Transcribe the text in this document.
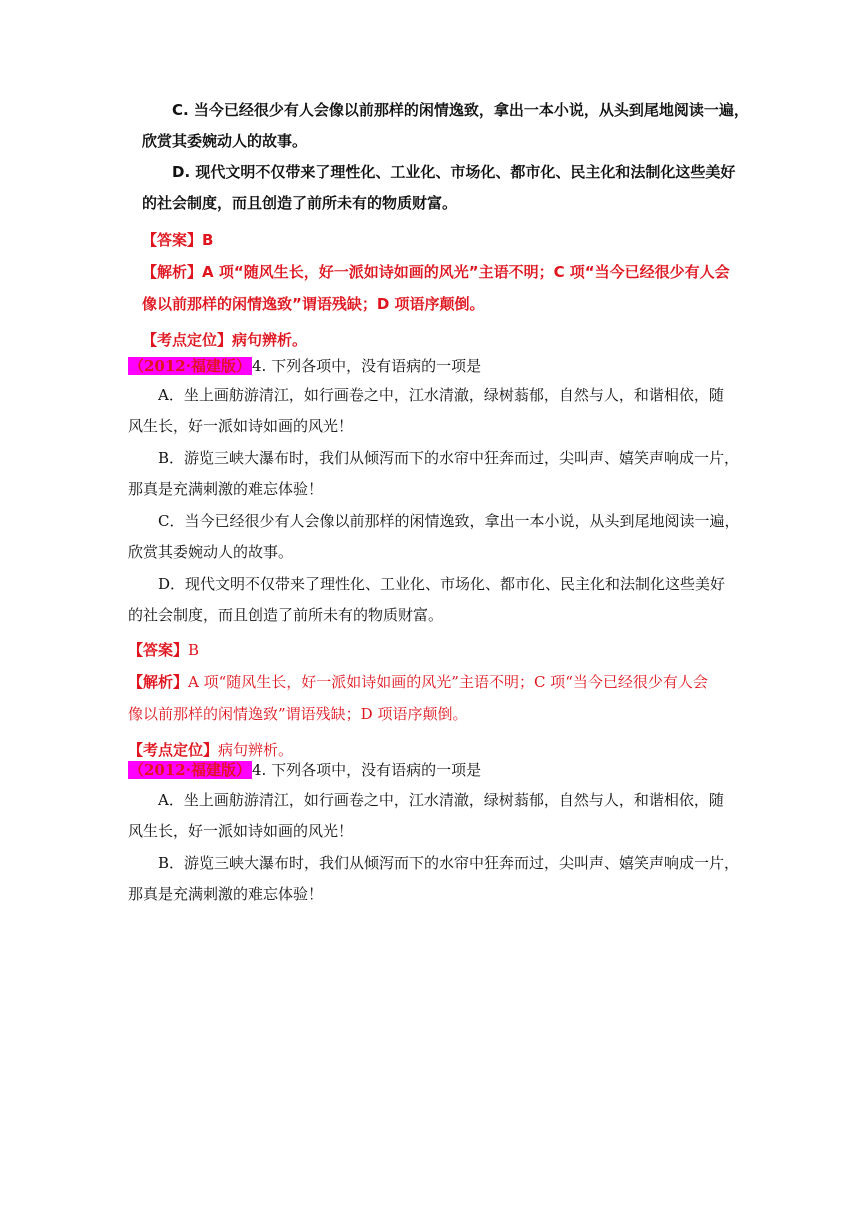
C. 当今已经很少有人会像以前那样的闲情逸致，拿出一本小说，从头到尾地阅读一遍，
欣赏其委婉动人的故事。
D. 现代文明不仅带来了理性化、工业化、市场化、都市化、民主化和法制化这些美好
的社会制度，而且创造了前所未有的物质财富。
【答案】B
【解析】A 项“随风生长，好一派如诗如画的风光”主语不明；C 项“当今已经很少有人会
像以前那样的闲情逸致”谓语残缺；D 项语序颠倒。
【考点定位】病句辨析。
（2012·福建版）4. 下列各项中，没有语病的一项是
A．坐上画舫游清江，如行画卷之中，江水清澈，绿树蓊郁，自然与人，和谐相依，随
风生长，好一派如诗如画的风光！
B．游览三峡大瀑布时，我们从倾泻而下的水帘中狂奔而过，尖叫声、嬉笑声响成一片，
那真是充满刺激的难忘体验！
C．当今已经很少有人会像以前那样的闲情逸致，拿出一本小说，从头到尾地阅读一遍，
欣赏其委婉动人的故事。
D．现代文明不仅带来了理性化、工业化、市场化、都市化、民主化和法制化这些美好
的社会制度，而且创造了前所未有的物质财富。
【答案】B
【解析】A 项“随风生长，好一派如诗如画的风光”主语不明；C 项“当今已经很少有人会
像以前那样的闲情逸致”谓语残缺；D 项语序颠倒。
【考点定位】病句辨析。
（2012·福建版）4. 下列各项中，没有语病的一项是
A．坐上画舫游清江，如行画卷之中，江水清澈，绿树蓊郁，自然与人，和谐相依，随
风生长，好一派如诗如画的风光！
B．游览三峡大瀑布时，我们从倾泻而下的水帘中狂奔而过，尖叫声、嬉笑声响成一片，
那真是充满刺激的难忘体验！
